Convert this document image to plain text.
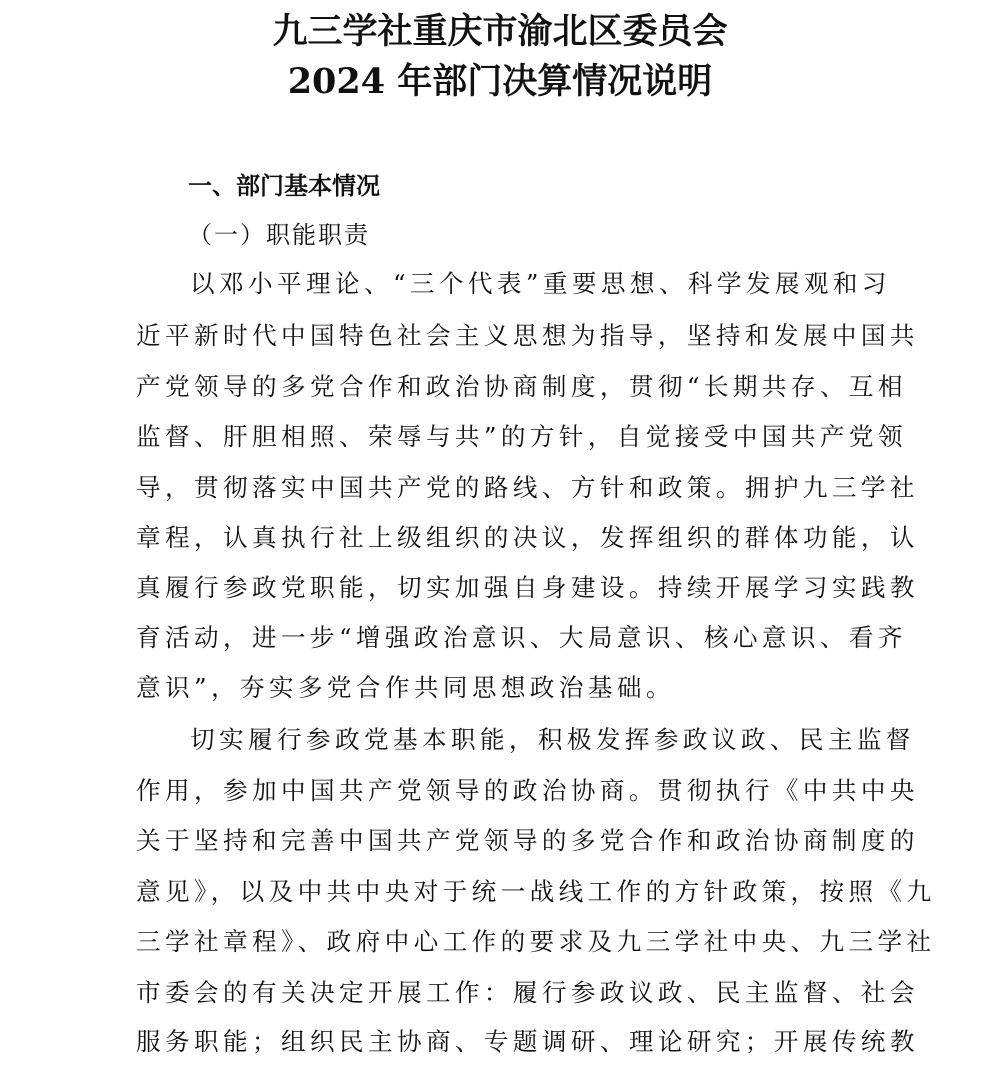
九三学社重庆市渝北区委员会
2024 年部门决算情况说明
一、部门基本情况
（一）职能职责
以邓小平理论、“三个代表”重要思想、科学发展观和习
近平新时代中国特色社会主义思想为指导，坚持和发展中国共
产党领导的多党合作和政治协商制度，贯彻“长期共存、互相
监督、肝胆相照、荣辱与共”的方针，自觉接受中国共产党领
导，贯彻落实中国共产党的路线、方针和政策。拥护九三学社
章程，认真执行社上级组织的决议，发挥组织的群体功能，认
真履行参政党职能，切实加强自身建设。持续开展学习实践教
育活动，进一步“增强政治意识、大局意识、核心意识、看齐
意识”，夯实多党合作共同思想政治基础。
切实履行参政党基本职能，积极发挥参政议政、民主监督
作用，参加中国共产党领导的政治协商。贯彻执行《中共中央
关于坚持和完善中国共产党领导的多党合作和政治协商制度的
意见》，以及中共中央对于统一战线工作的方针政策，按照《九
三学社章程》、政府中心工作的要求及九三学社中央、九三学社
市委会的有关决定开展工作：履行参政议政、民主监督、社会
服务职能；组织民主协商、专题调研、理论研究；开展传统教
